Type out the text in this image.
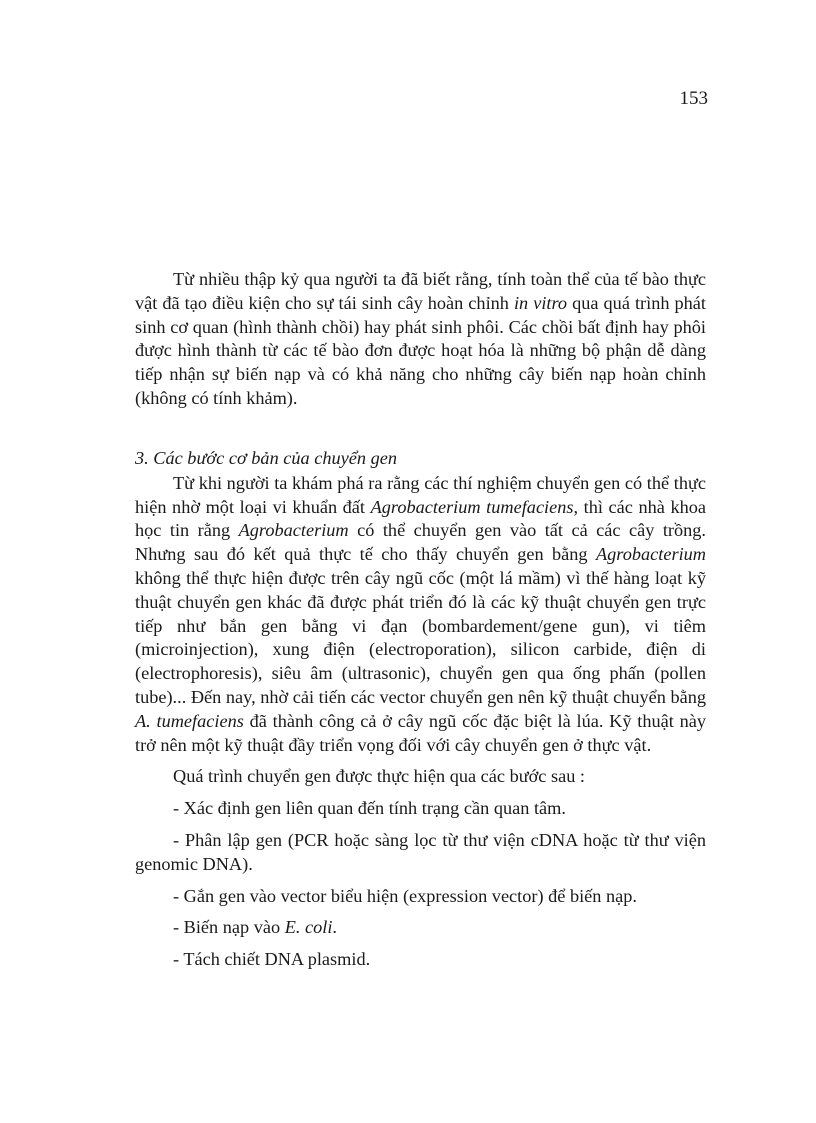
153

Từ nhiều thập kỷ qua người ta đã biết rằng, tính toàn thể của tế bào thực vật đã tạo điều kiện cho sự tái sinh cây hoàn chỉnh in vitro qua quá trình phát sinh cơ quan (hình thành chồi) hay phát sinh phôi. Các chồi bất định hay phôi được hình thành từ các tế bào đơn được hoạt hóa là những bộ phận dễ dàng tiếp nhận sự biến nạp và có khả năng cho những cây biến nạp hoàn chỉnh (không có tính khảm).

3. Các bước cơ bản của chuyển gen

Từ khi người ta khám phá ra rằng các thí nghiệm chuyển gen có thể thực hiện nhờ một loại vi khuẩn đất Agrobacterium tumefaciens, thì các nhà khoa học tin rằng Agrobacterium có thể chuyển gen vào tất cả các cây trồng. Nhưng sau đó kết quả thực tế cho thấy chuyển gen bằng Agrobacterium không thể thực hiện được trên cây ngũ cốc (một lá mầm) vì thế hàng loạt kỹ thuật chuyển gen khác đã được phát triển đó là các kỹ thuật chuyển gen trực tiếp như bắn gen bằng vi đạn (bombardement/gene gun), vi tiêm (microinjection), xung điện (electroporation), silicon carbide, điện di (electrophoresis), siêu âm (ultrasonic), chuyển gen qua ống phấn (pollen tube)... Đến nay, nhờ cải tiến các vector chuyển gen nên kỹ thuật chuyển bằng A. tumefaciens đã thành công cả ở cây ngũ cốc đặc biệt là lúa. Kỹ thuật này trở nên một kỹ thuật đầy triển vọng đối với cây chuyển gen ở thực vật.

Quá trình chuyển gen được thực hiện qua các bước sau :

- Xác định gen liên quan đến tính trạng cần quan tâm.

- Phân lập gen (PCR hoặc sàng lọc từ thư viện cDNA hoặc từ thư viện genomic DNA).

- Gắn gen vào vector biểu hiện (expression vector) để biến nạp.

- Biến nạp vào E. coli.

- Tách chiết DNA plasmid.
